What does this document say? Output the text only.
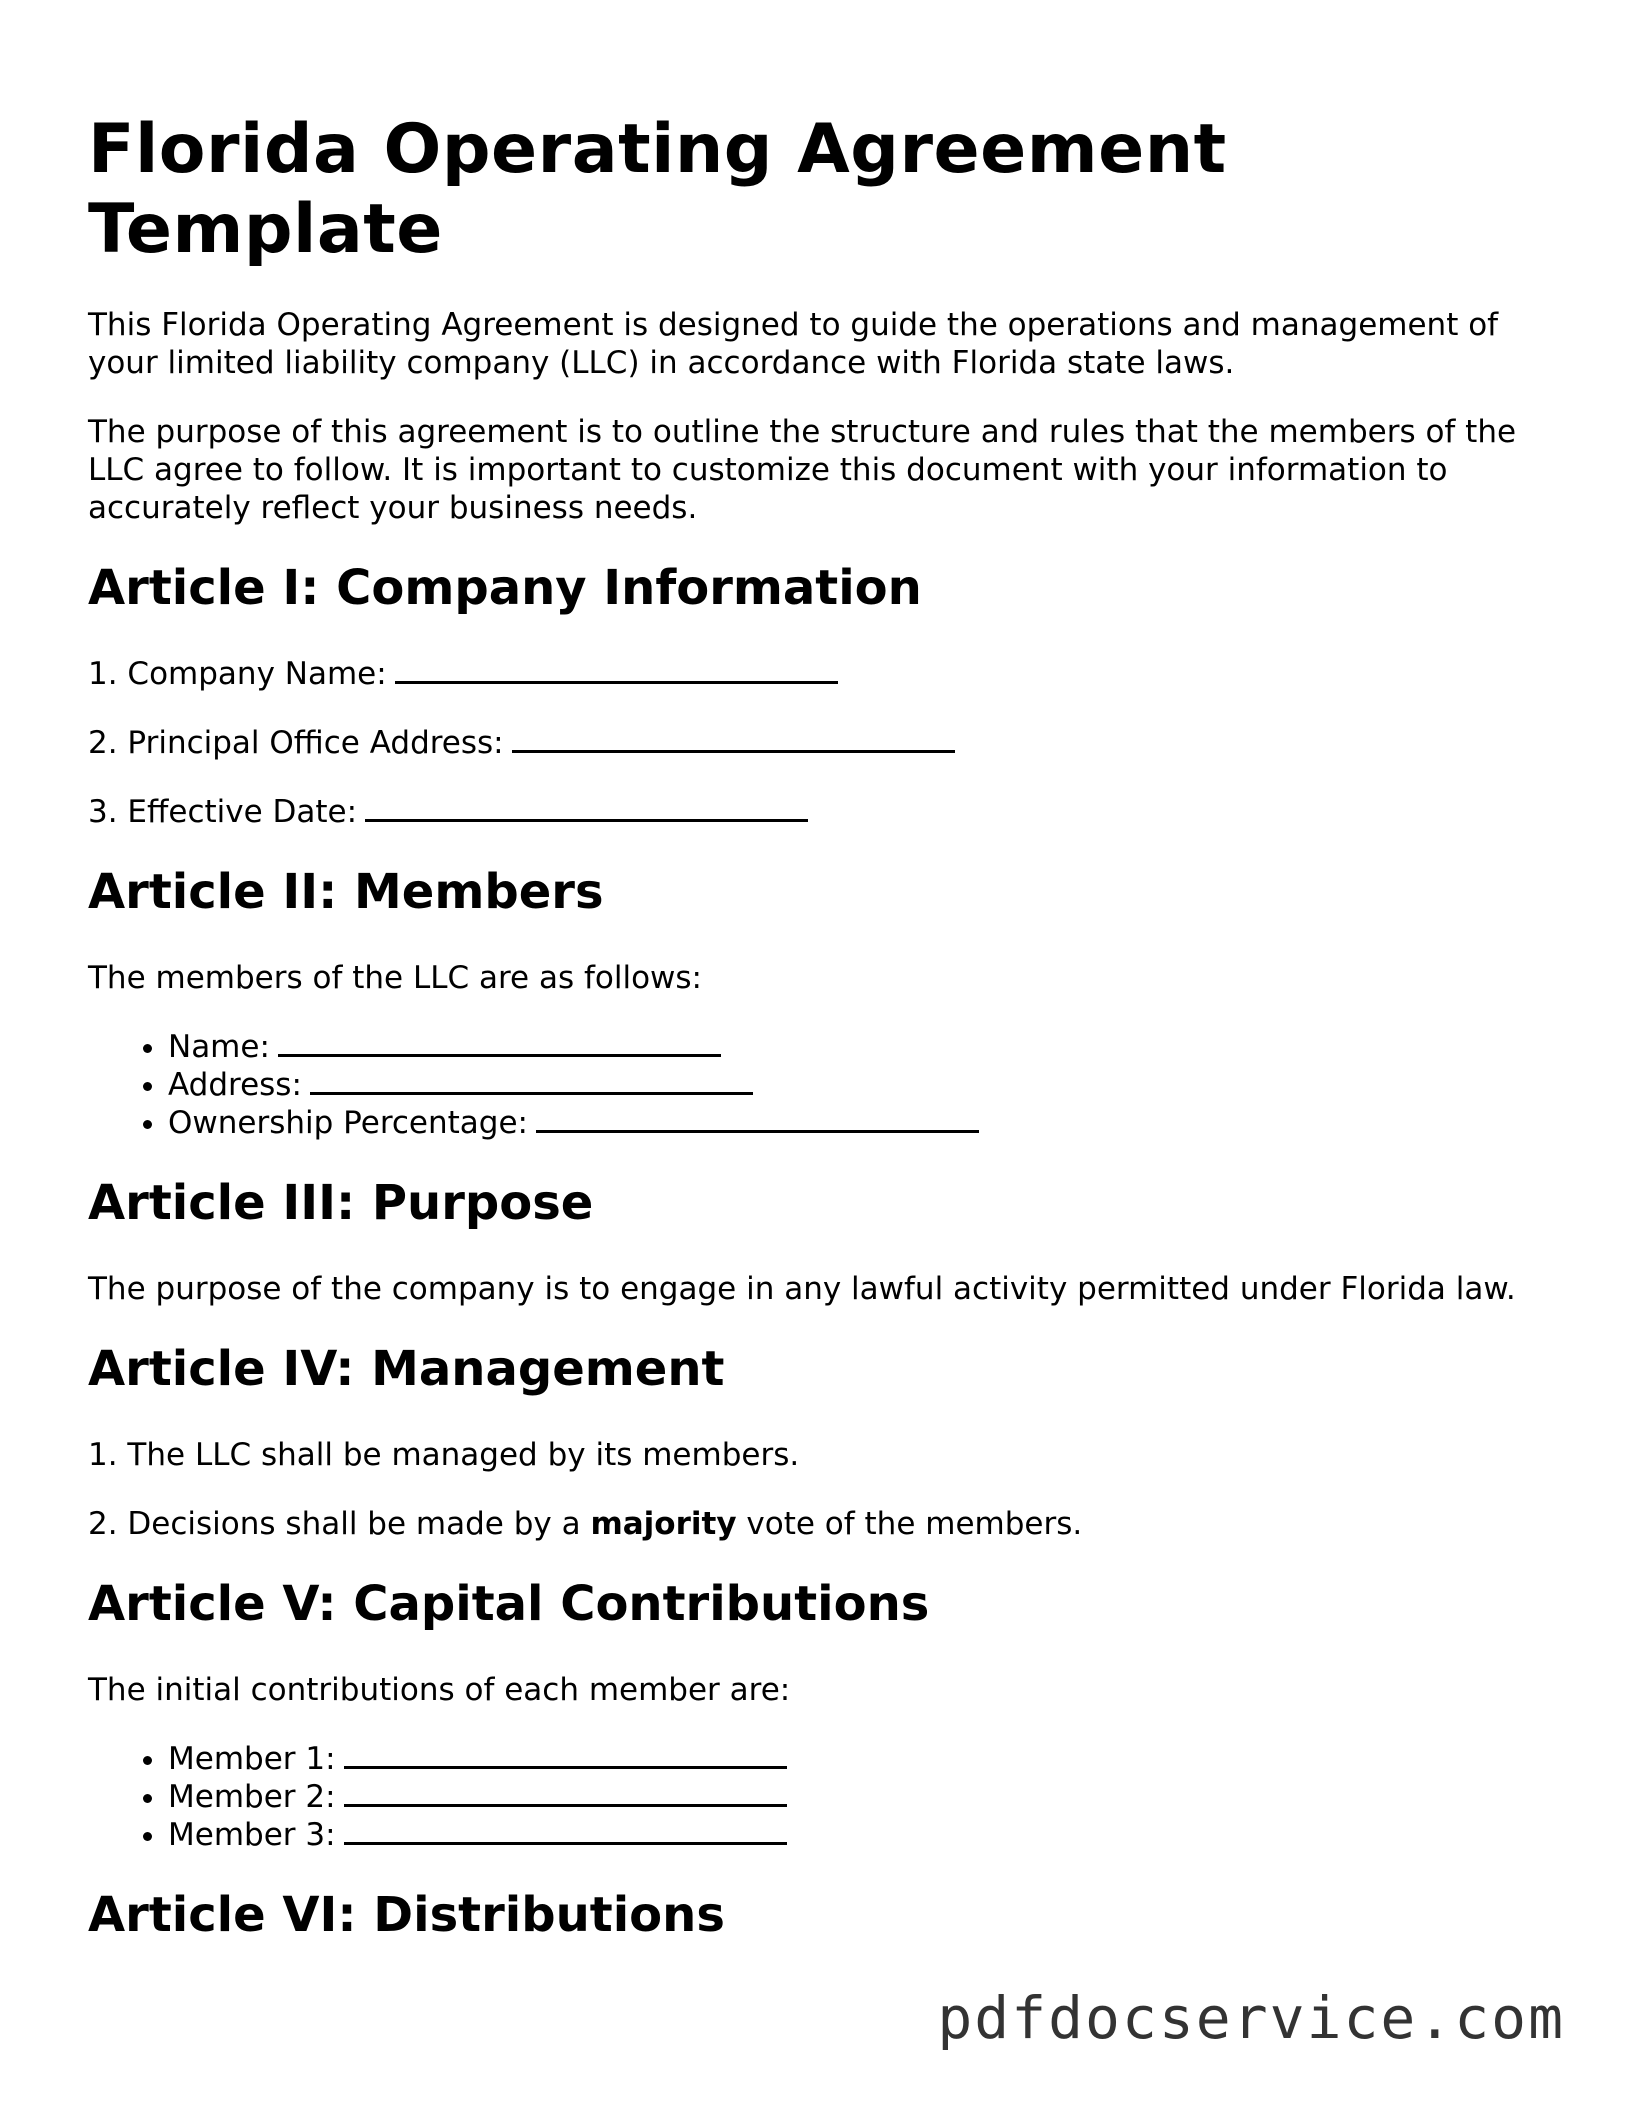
Florida Operating Agreement Template

This Florida Operating Agreement is designed to guide the operations and management of your limited liability company (LLC) in accordance with Florida state laws.

The purpose of this agreement is to outline the structure and rules that the members of the LLC agree to follow. It is important to customize this document with your information to accurately reflect your business needs.

Article I: Company Information

1. Company Name:

2. Principal Office Address:

3. Effective Date:

Article II: Members

The members of the LLC are as follows:

• Name:
• Address:
• Ownership Percentage:
Article III: Purpose

The purpose of the company is to engage in any lawful activity permitted under Florida law.

Article IV: Management

1. The LLC shall be managed by its members.

2. Decisions shall be made by a majority vote of the members.

Article V: Capital Contributions

The initial contributions of each member are:

• Member 1:
• Member 2:
• Member 3:
Article VI: Distributions
pdfdocservice.com
